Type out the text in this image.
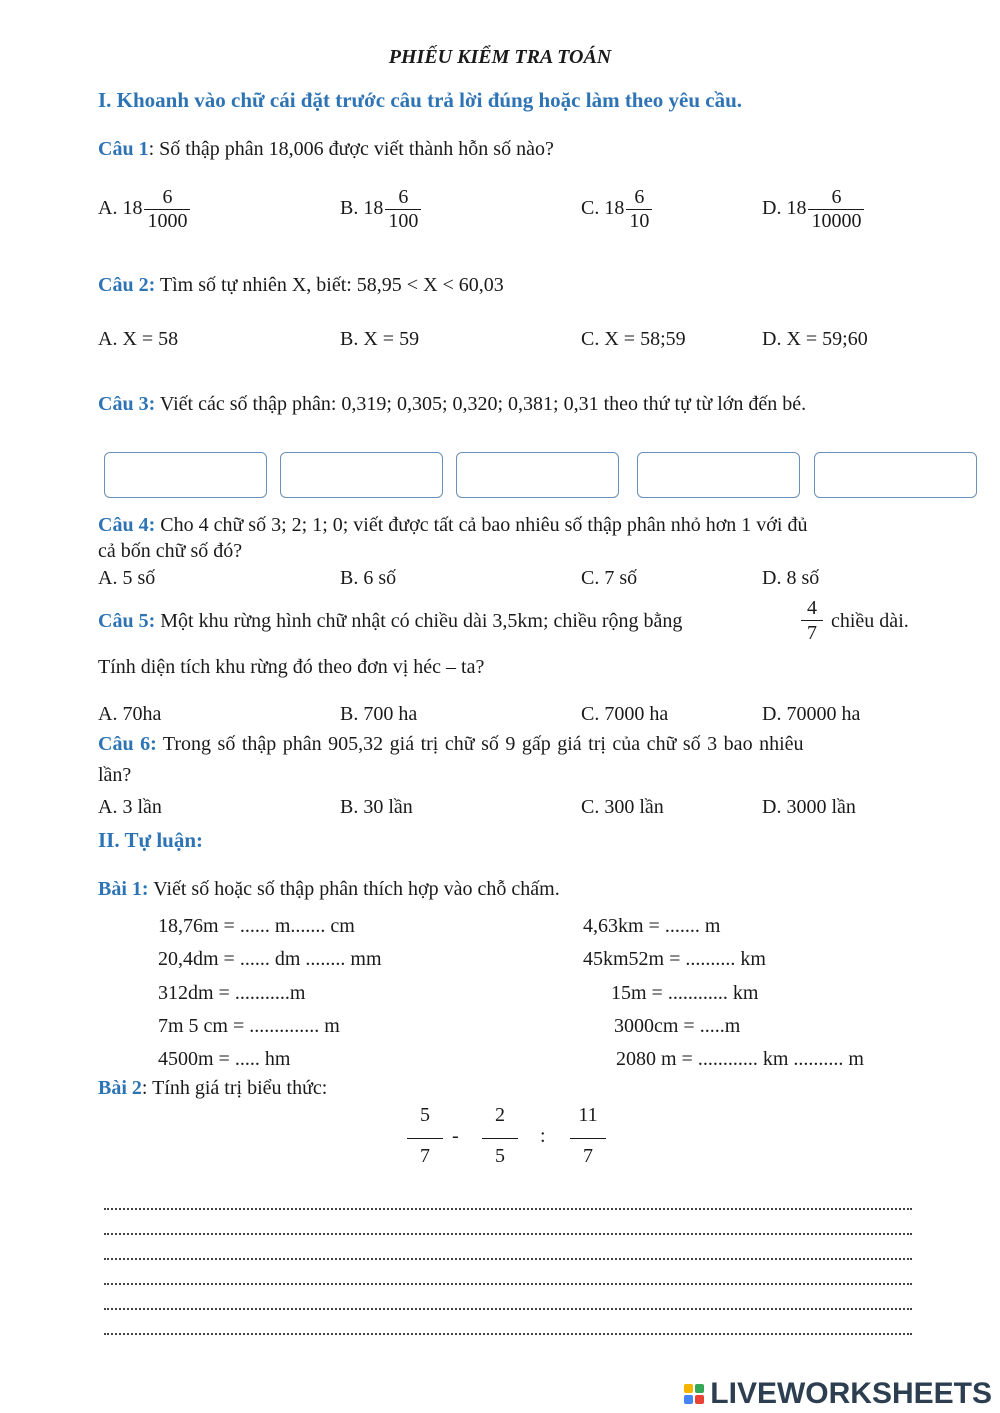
PHIẾU KIỂM TRA TOÁN
I. Khoanh vào chữ cái đặt trước câu trả lời đúng hoặc làm theo yêu cầu.
Câu 1: Số thập phân 18,006 được viết thành hỗn số nào?
A. $18 \frac{6}{1000}$	B. $18 \frac{6}{100}$	C. $18 \frac{6}{10}$	D. $18 \frac{6}{10000}$
Câu 2: Tìm số tự nhiên X, biết: 58,95 < X < 60,03
A. X = 58	B. X = 59	C. X = 58;59	D. X = 59;60
Câu 3: Viết các số thập phân: 0,319; 0,305; 0,320; 0,381; 0,31 theo thứ tự từ lớn đến bé.
Câu 4: Cho 4 chữ số 3; 2; 1; 0; viết được tất cả bao nhiêu số thập phân nhỏ hơn 1 với đủ
cả bốn chữ số đó?
A. 5 số	B. 6 số	C. 7 số	D. 8 số
Câu 5: Một khu rừng hình chữ nhật có chiều dài 3,5km; chiều rộng bằng	$\frac{4}{7}$ chiều dài.
Tính diện tích khu rừng đó theo đơn vị héc – ta?
A. 70ha	B. 700 ha	C. 7000 ha	D. 70000 ha
Câu 6: Trong số thập phân 905,32 giá trị chữ số 9 gấp giá trị của chữ số 3 bao nhiêu
lần?
A. 3 lần	B. 30 lần	C. 300 lần	D. 3000 lần
II. Tự luận:
Bài 1: Viết số hoặc số thập phân thích hợp vào chỗ chấm.
18,76m = ...... m....... cm
20,4dm = ...... dm ........ mm
312dm = ...........m
7m 5 cm = .............. m
4500m = ..... hm
4,63km = ....... m
45km52m = .......... km
15m = ............ km
3000cm = .....m
2080 m = ............ km .......... m
Bài 2: Tính giá trị biểu thức:
5
7
-
2
5
:
11
7
LIVEWORKSHEETS
